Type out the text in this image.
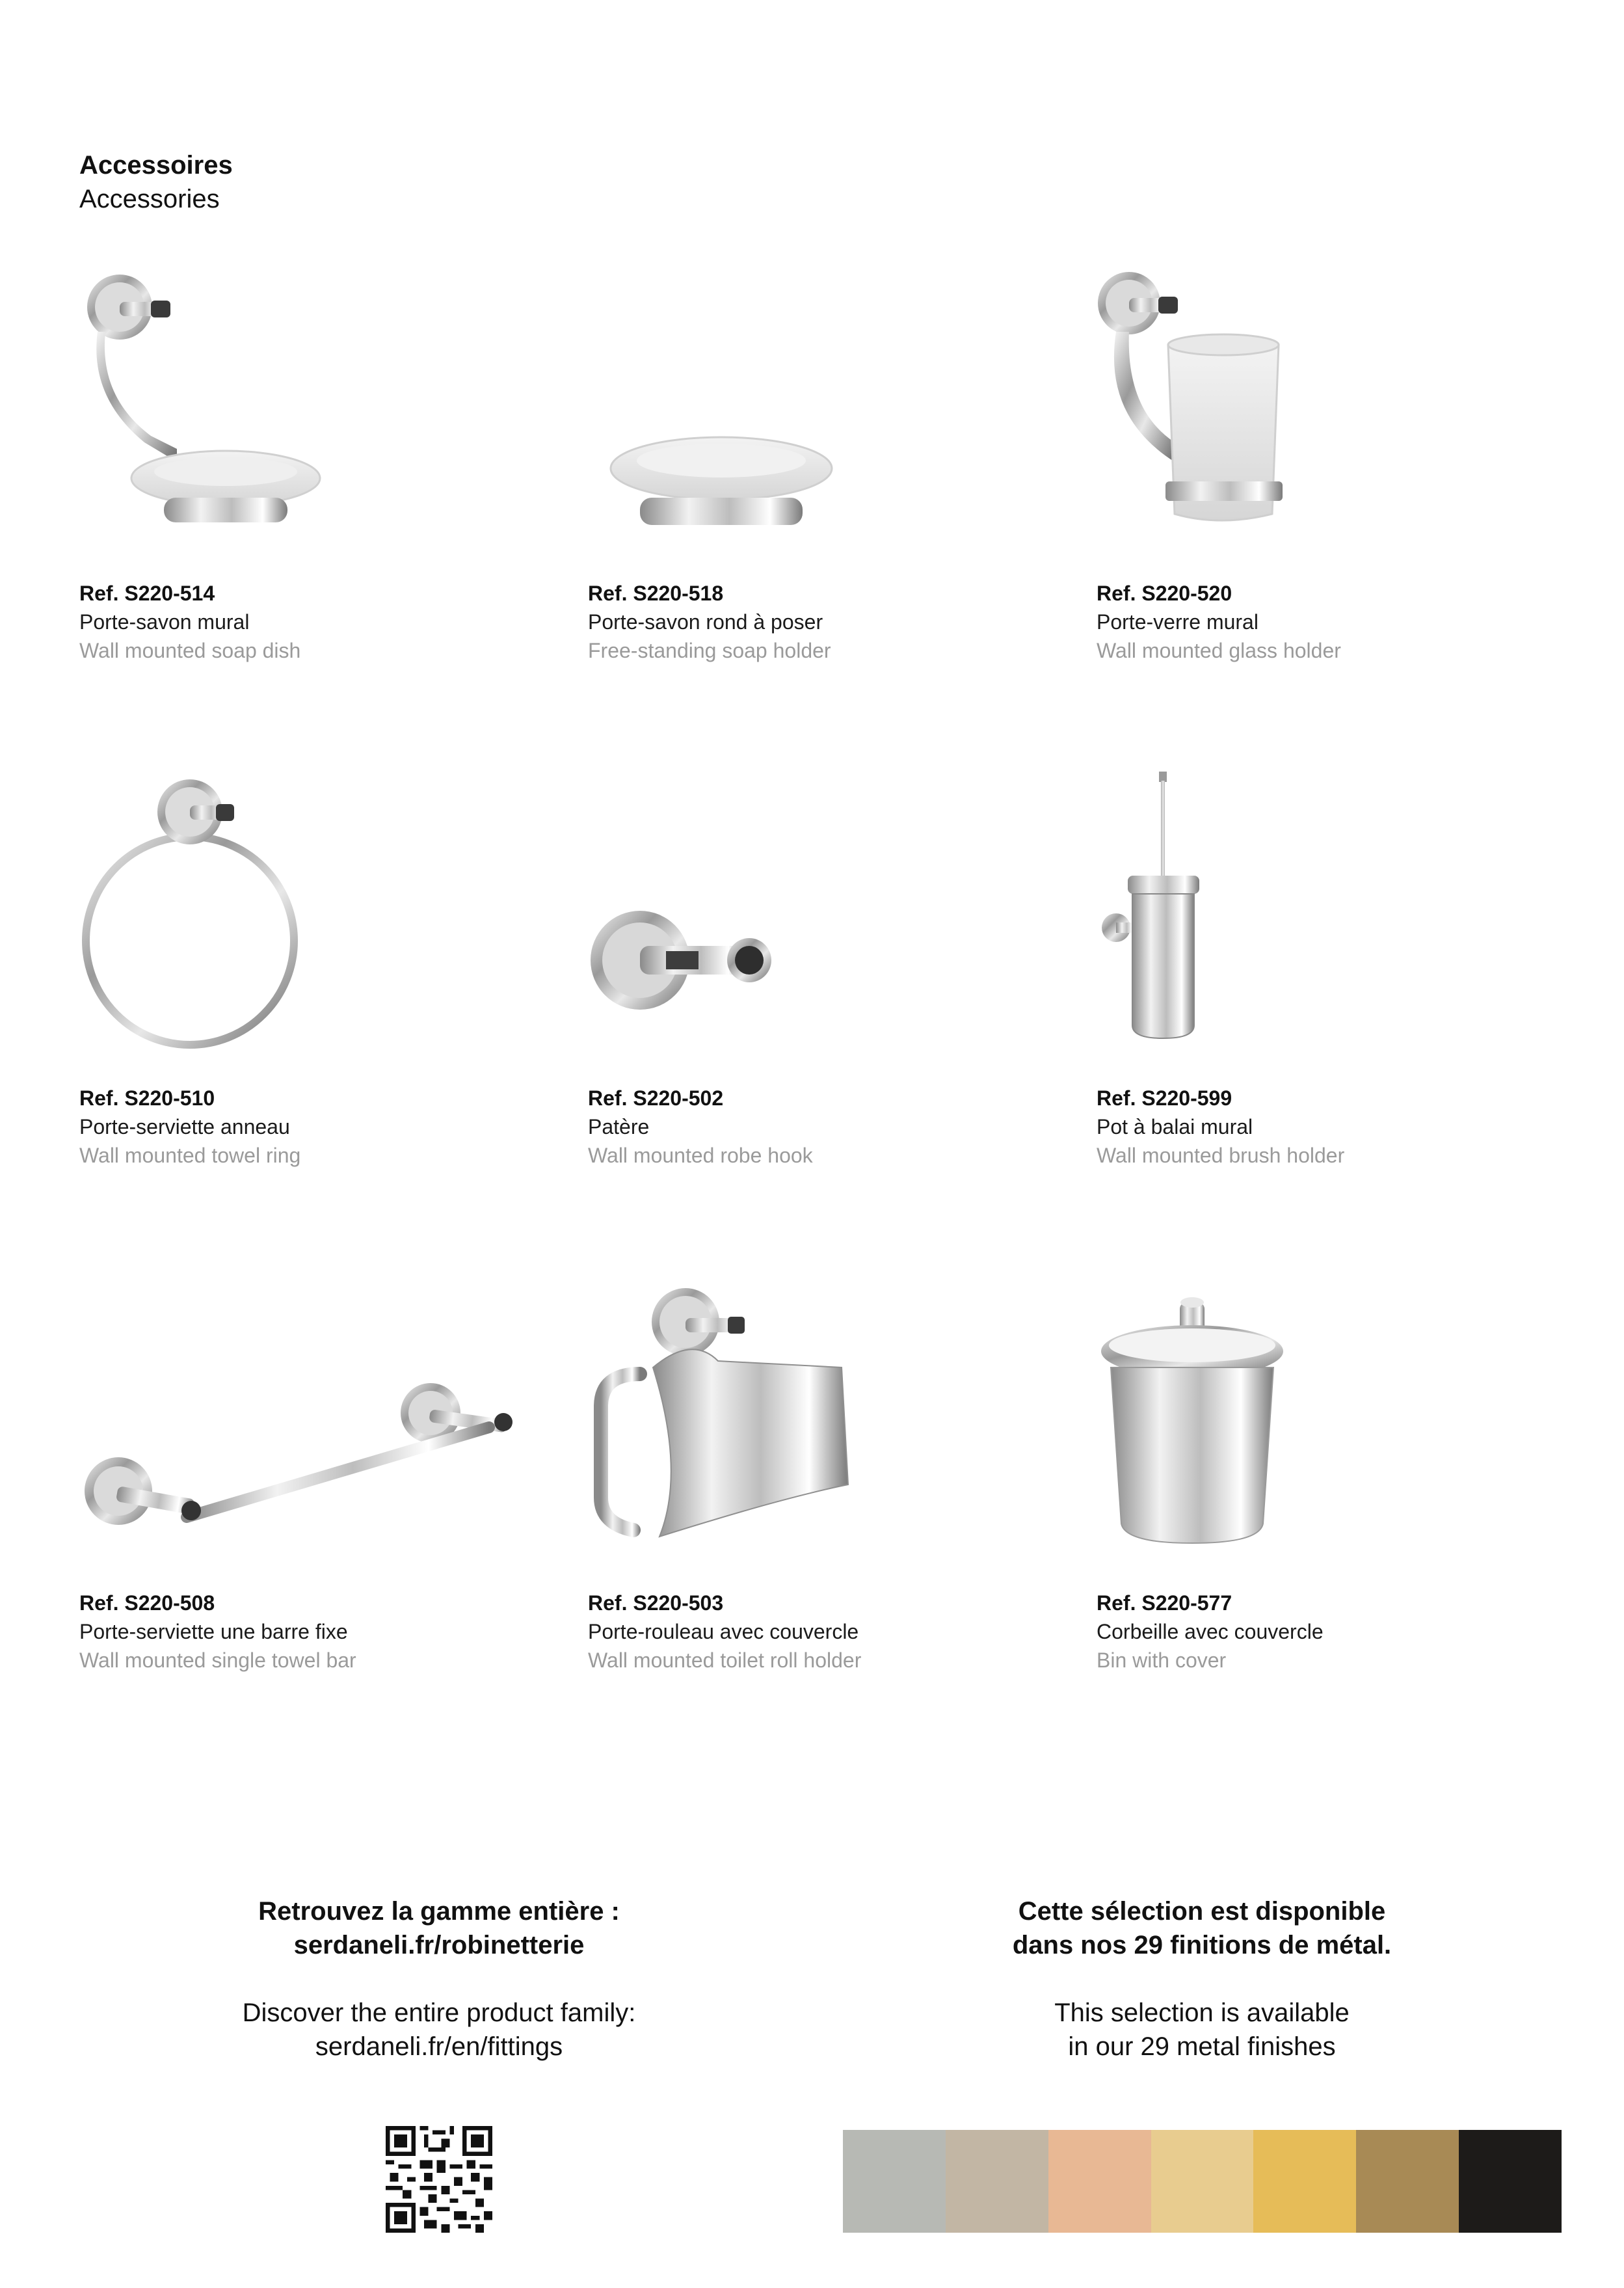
Accessoires
Accessories
Ref. S220-514
Porte-savon mural
Wall mounted soap dish
Ref. S220-518
Porte-savon rond à poser
Free-standing soap holder
Ref. S220-520
Porte-verre mural
Wall mounted glass holder
Ref. S220-510
Porte-serviette anneau
Wall mounted towel ring
Ref. S220-502
Patère
Wall mounted robe hook
Ref. S220-599
Pot à balai mural
Wall mounted brush holder
Ref. S220-508
Porte-serviette une barre fixe
Wall mounted single towel bar
Ref. S220-503
Porte-rouleau avec couvercle
Wall mounted toilet roll holder
Ref. S220-577
Corbeille avec couvercle
Bin with cover
Retrouvez la gamme entière :
serdaneli.fr/robinetterie
Discover the entire product family:
serdaneli.fr/en/fittings
Cette sélection est disponible
dans nos 29 finitions de métal.
This selection is available
in our 29 metal finishes
